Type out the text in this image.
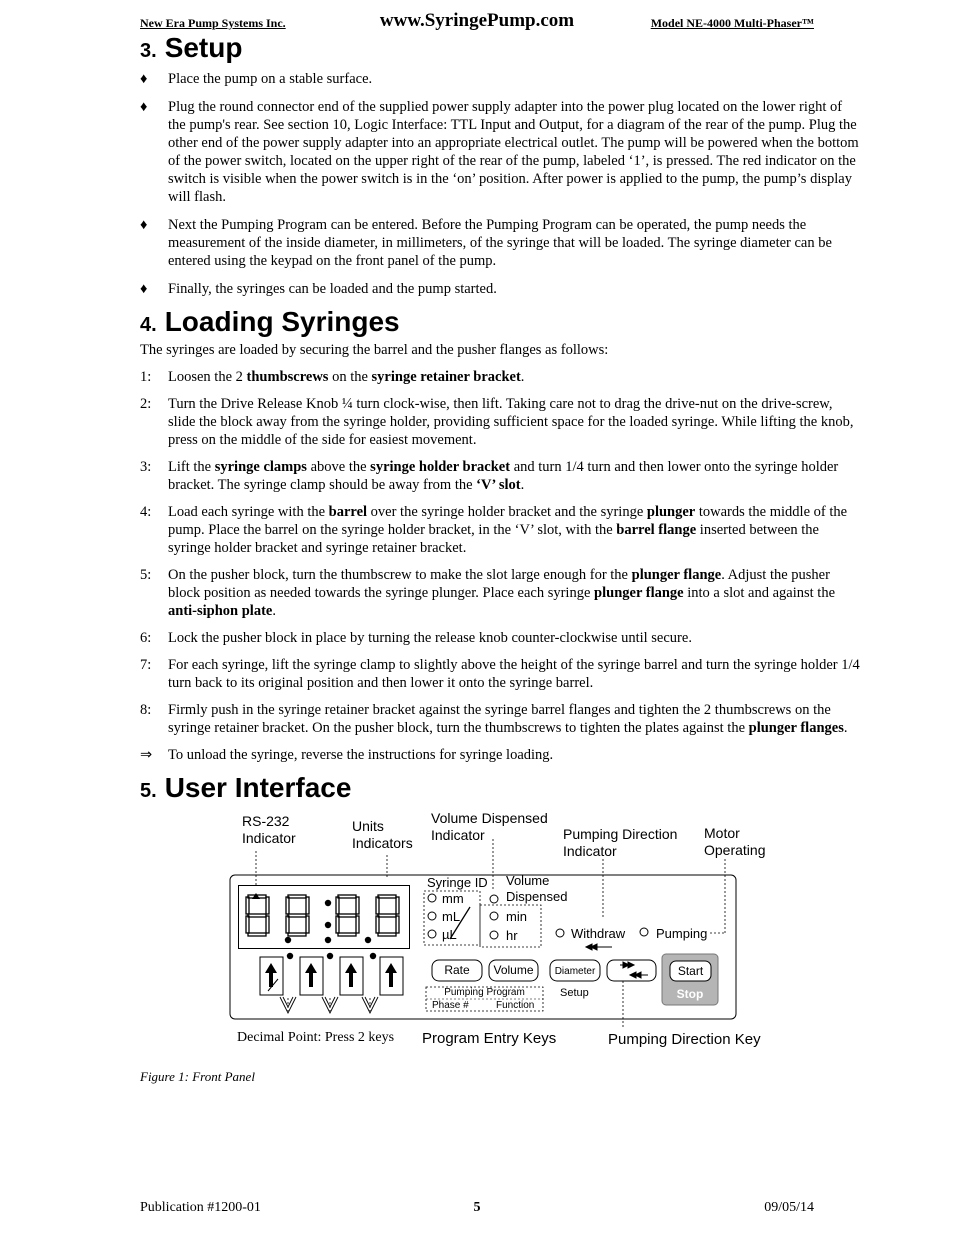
New Era Pump Systems Inc.	www.SyringePump.com	Model NE-4000 Multi-Phaser™
3. Setup
♦ Place the pump on a stable surface.
♦ Plug the round connector end of the supplied power supply adapter into the power plug located on the lower right of the pump's rear. See section 10, Logic Interface: TTL Input and Output, for a diagram of the rear of the pump. Plug the other end of the power supply adapter into an appropriate electrical outlet. The pump will be powered when the bottom of the power switch, located on the upper right of the rear of the pump, labeled ‘1’, is pressed. The red indicator on the switch is visible when the power switch is in the ‘on’ position. After power is applied to the pump, the pump’s display will flash.
♦ Next the Pumping Program can be entered. Before the Pumping Program can be operated, the pump needs the measurement of the inside diameter, in millimeters, of the syringe that will be loaded. The syringe diameter can be entered using the keypad on the front panel of the pump.
♦ Finally, the syringes can be loaded and the pump started.
4. Loading Syringes
The syringes are loaded by securing the barrel and the pusher flanges as follows:
1: Loosen the 2 thumbscrews on the syringe retainer bracket.
2: Turn the Drive Release Knob ¼ turn clock-wise, then lift. Taking care not to drag the drive-nut on the drive-screw, slide the block away from the syringe holder, providing sufficient space for the loaded syringe. While lifting the knob, press on the middle of the side for easiest movement.
3: Lift the syringe clamps above the syringe holder bracket and turn 1/4 turn and then lower onto the syringe holder bracket. The syringe clamp should be away from the ‘V’ slot.
4: Load each syringe with the barrel over the syringe holder bracket and the syringe plunger towards the middle of the pump. Place the barrel on the syringe holder bracket, in the ‘V’ slot, with the barrel flange inserted between the syringe holder bracket and syringe retainer bracket.
5: On the pusher block, turn the thumbscrew to make the slot large enough for the plunger flange. Adjust the pusher block position as needed towards the syringe plunger. Place each syringe plunger flange into a slot and against the anti-siphon plate.
6: Lock the pusher block in place by turning the release knob counter-clockwise until secure.
7: For each syringe, lift the syringe clamp to slightly above the height of the syringe barrel and turn the syringe holder 1/4 turn back to its original position and then lower it onto the syringe barrel.
8: Firmly push in the syringe retainer bracket against the syringe barrel flanges and tighten the 2 thumbscrews on the syringe retainer bracket. On the pusher block, turn the thumbscrews to tighten the plates against the plunger flanges.
⇒ To unload the syringe, reverse the instructions for syringe loading.
5. User Interface
RS-232
Indicator
Units
Indicators
Volume Dispensed
Indicator	Pumping Direction
Indicator
Motor
Operating
Syringe ID
mm
mL
µL
Volume
Dispensed
min
hr	Withdraw Pumping
Rate	Volume	Diameter
Setup
Start
Stop
Pumping Program
Phase #	Function
Decimal Point: Press 2 keys Program Entry Keys	Pumping Direction Key
Figure 1: Front Panel
Publication #1200-01	5	09/05/14
